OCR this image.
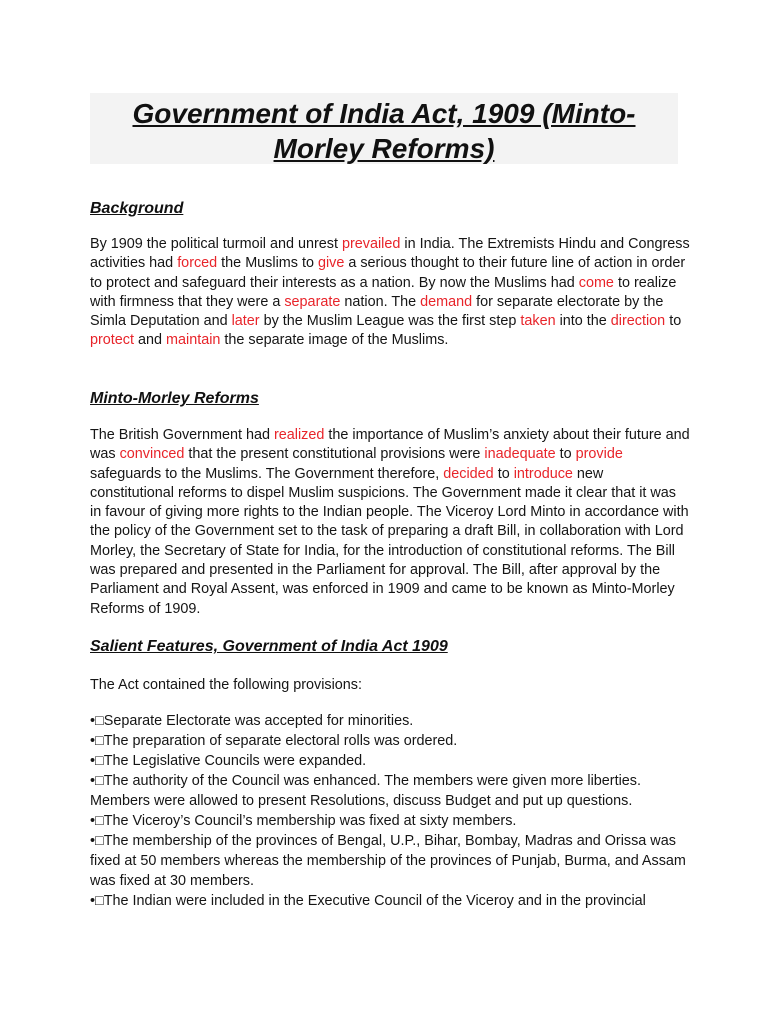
Government of India Act, 1909 (Minto-Morley Reforms)
Background

By 1909 the political turmoil and unrest prevailed in India. The Extremists Hindu and Congress activities had forced the Muslims to give a serious thought to their future line of action in order to protect and safeguard their interests as a nation. By now the Muslims had come to realize with firmness that they were a separate nation. The demand for separate electorate by the Simla Deputation and later by the Muslim League was the first step taken into the direction to protect and maintain the separate image of the Muslims.

Minto-Morley Reforms

The British Government had realized the importance of Muslim’s anxiety about their future and was convinced that the present constitutional provisions were inadequate to provide safeguards to the Muslims. The Government therefore, decided to introduce new constitutional reforms to dispel Muslim suspicions. The Government made it clear that it was in favour of giving more rights to the Indian people. The Viceroy Lord Minto in accordance with the policy of the Government set to the task of preparing a draft Bill, in collaboration with Lord Morley, the Secretary of State for India, for the introduction of constitutional reforms. The Bill was prepared and presented in the Parliament for approval. The Bill, after approval by the Parliament and Royal Assent, was enforced in 1909 and came to be known as Minto-Morley Reforms of 1909.

Salient Features, Government of India Act 1909

The Act contained the following provisions:

•□Separate Electorate was accepted for minorities.
•□The preparation of separate electoral rolls was ordered.
•□The Legislative Councils were expanded.
•□The authority of the Council was enhanced. The members were given more liberties. Members were allowed to present Resolutions, discuss Budget and put up questions.
•□The Viceroy’s Council’s membership was fixed at sixty members.
•□The membership of the provinces of Bengal, U.P., Bihar, Bombay, Madras and Orissa was fixed at 50 members whereas the membership of the provinces of Punjab, Burma, and Assam was fixed at 30 members.
•□The Indian were included in the Executive Council of the Viceroy and in the provincial
